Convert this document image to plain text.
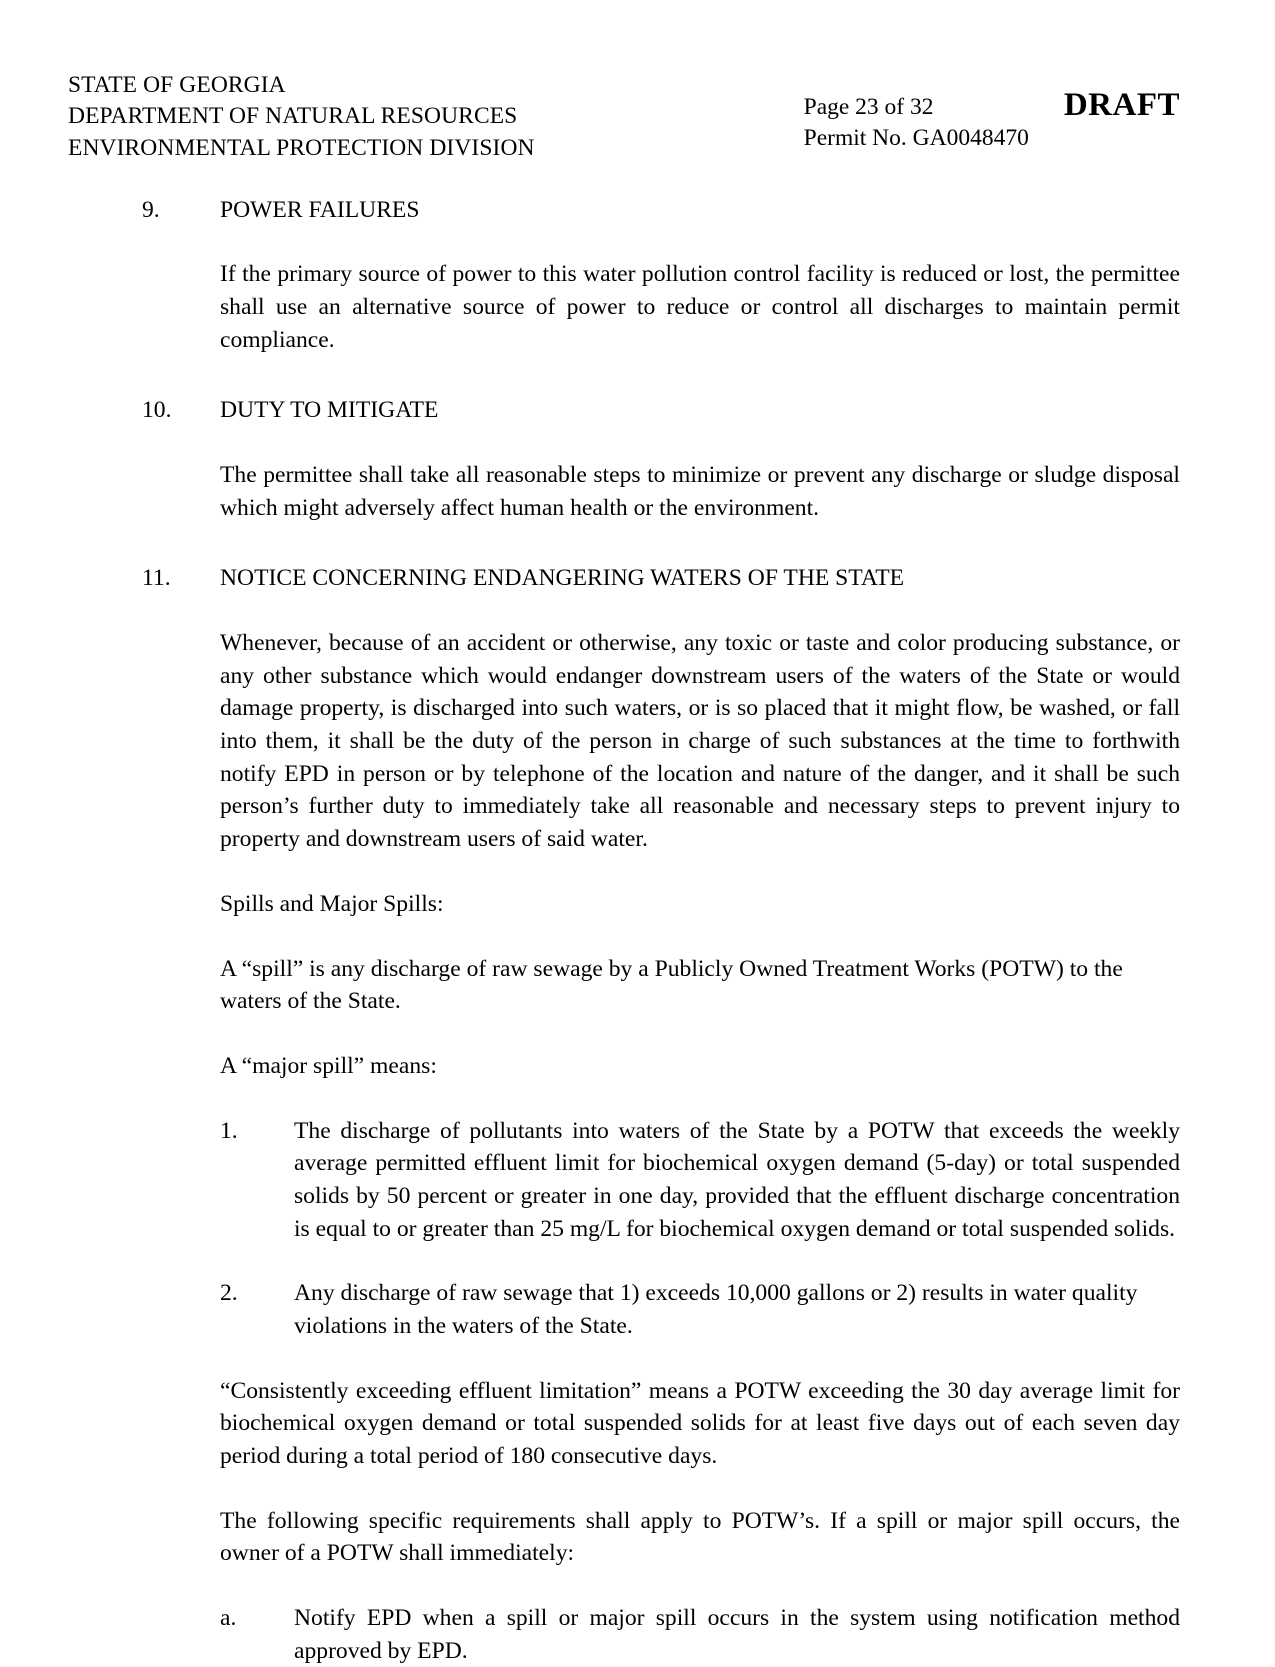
STATE OF GEORGIA
DEPARTMENT OF NATURAL RESOURCES
ENVIRONMENTAL PROTECTION DIVISION
Page 23 of 32
Permit No. GA0048470
DRAFT
9.	POWER FAILURES
If the primary source of power to this water pollution control facility is reduced or lost, the permittee shall use an alternative source of power to reduce or control all discharges to maintain permit compliance.
10.	DUTY TO MITIGATE
The permittee shall take all reasonable steps to minimize or prevent any discharge or sludge disposal which might adversely affect human health or the environment.
11.	NOTICE CONCERNING ENDANGERING WATERS OF THE STATE
Whenever, because of an accident or otherwise, any toxic or taste and color producing substance, or any other substance which would endanger downstream users of the waters of the State or would damage property, is discharged into such waters, or is so placed that it might flow, be washed, or fall into them, it shall be the duty of the person in charge of such substances at the time to forthwith notify EPD in person or by telephone of the location and nature of the danger, and it shall be such person’s further duty to immediately take all reasonable and necessary steps to prevent injury to property and downstream users of said water.
Spills and Major Spills:
A “spill” is any discharge of raw sewage by a Publicly Owned Treatment Works (POTW) to the waters of the State.
A “major spill” means:
1.	The discharge of pollutants into waters of the State by a POTW that exceeds the weekly average permitted effluent limit for biochemical oxygen demand (5-day) or total suspended solids by 50 percent or greater in one day, provided that the effluent discharge concentration is equal to or greater than 25 mg/L for biochemical oxygen demand or total suspended solids.
2.	Any discharge of raw sewage that 1) exceeds 10,000 gallons or 2) results in water quality violations in the waters of the State.
“Consistently exceeding effluent limitation” means a POTW exceeding the 30 day average limit for biochemical oxygen demand or total suspended solids for at least five days out of each seven day period during a total period of 180 consecutive days.
The following specific requirements shall apply to POTW’s. If a spill or major spill occurs, the owner of a POTW shall immediately:
a.	Notify EPD when a spill or major spill occurs in the system using notification method approved by EPD.
